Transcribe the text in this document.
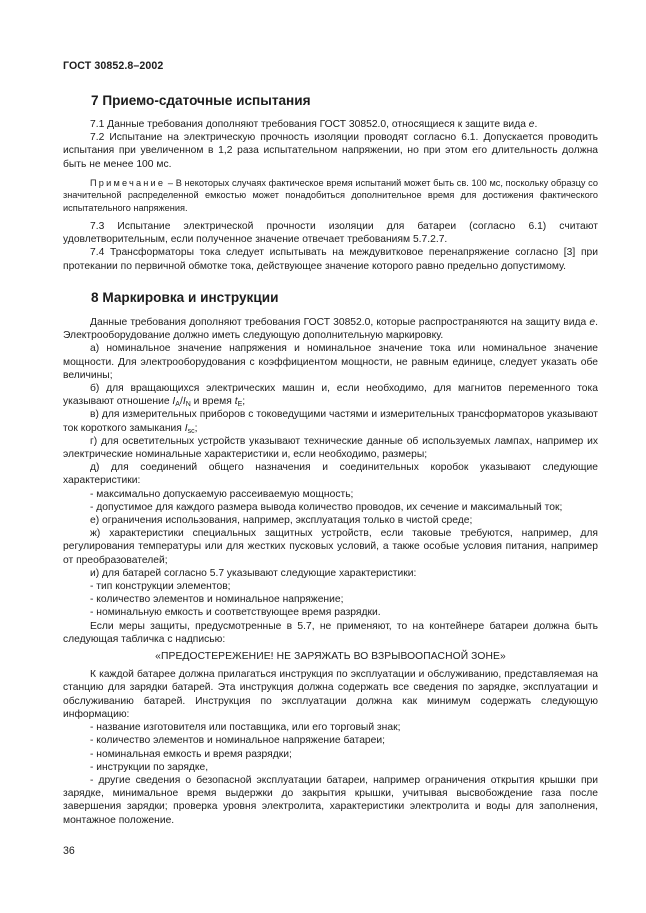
ГОСТ 30852.8–2002
7 Приемо-сдаточные испытания

7.1 Данные требования дополняют требования ГОСТ 30852.0, относящиеся к защите вида е.

7.2 Испытание на электрическую прочность изоляции проводят согласно 6.1. Допускается проводить испытания при увеличенном в 1,2 раза испытательном напряжении, но при этом его длительность должна быть не менее 100 мс.

Примечание – В некоторых случаях фактическое время испытаний может быть св. 100 мс, поскольку образцу со значительной распределенной емкостью может понадобиться дополнительное время для достижения фактического испытательного напряжения.

7.3 Испытание электрической прочности изоляции для батареи (согласно 6.1) считают удовлетворительным, если полученное значение отвечает требованиям 5.7.2.7.

7.4 Трансформаторы тока следует испытывать на междувитковое перенапряжение согласно [3] при протекании по первичной обмотке тока, действующее значение которого равно предельно допустимому.

8 Маркировка и инструкции

Данные требования дополняют требования ГОСТ 30852.0, которые распространяются на защиту вида е. Электрооборудование должно иметь следующую дополнительную маркировку.

а) номинальное значение напряжения и номинальное значение тока или номинальное значение мощности. Для электрооборудования с коэффициентом мощности, не равным единице, следует указать обе величины;

б) для вращающихся электрических машин и, если необходимо, для магнитов переменного тока указывают отношение $I_A/I_N$ и время $t_E$;

в) для измерительных приборов с токоведущими частями и измерительных трансформаторов указывают ток короткого замыкания $I_{sc}$;

г) для осветительных устройств указывают технические данные об используемых лампах, например их электрические номинальные характеристики и, если необходимо, размеры;

д) для соединений общего назначения и соединительных коробок указывают следующие характеристики:

- максимально допускаемую рассеиваемую мощность;

- допустимое для каждого размера вывода количество проводов, их сечение и максимальный ток;

е) ограничения использования, например, эксплуатация только в чистой среде;

ж) характеристики специальных защитных устройств, если таковые требуются, например, для регулирования температуры или для жестких пусковых условий, а также особые условия питания, например от преобразователей;

и) для батарей согласно 5.7 указывают следующие характеристики:

- тип конструкции элементов;

- количество элементов и номинальное напряжение;

- номинальную емкость и соответствующее время разрядки.

Если меры защиты, предусмотренные в 5.7, не применяют, то на контейнере батареи должна быть следующая табличка с надписью:

«ПРЕДОСТЕРЕЖЕНИЕ! НЕ ЗАРЯЖАТЬ ВО ВЗРЫВООПАСНОЙ ЗОНЕ»

К каждой батарее должна прилагаться инструкция по эксплуатации и обслуживанию, представляемая на станцию для зарядки батарей. Эта инструкция должна содержать все сведения по зарядке, эксплуатации и обслуживанию батарей. Инструкция по эксплуатации должна как минимум содержать следующую информацию:

- название изготовителя или поставщика, или его торговый знак;

- количество элементов и номинальное напряжение батареи;

- номинальная емкость и время разрядки;

- инструкции по зарядке,

- другие сведения о безопасной эксплуатации батареи, например ограничения открытия крышки при зарядке, минимальное время выдержки до закрытия крышки, учитывая высвобождение газа после завершения зарядки; проверка уровня электролита, характеристики электролита и воды для заполнения, монтажное положение.

36
